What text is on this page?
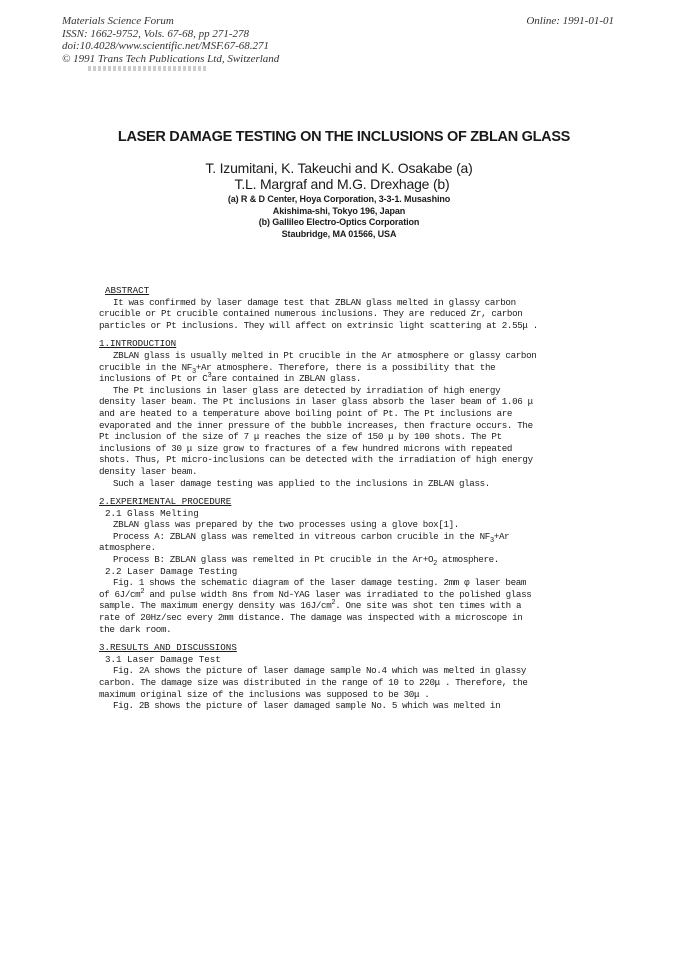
Materials Science Forum
ISSN: 1662-9752, Vols. 67-68, pp 271-278
doi:10.4028/www.scientific.net/MSF.67-68.271
© 1991 Trans Tech Publications Ltd, Switzerland
Online: 1991-01-01
LASER DAMAGE TESTING ON THE INCLUSIONS OF ZBLAN GLASS
T. Izumitani, K. Takeuchi and K. Osakabe (a)
T.L. Margraf and M.G. Drexhage (b)
(a) R & D Center, Hoya Corporation, 3-3-1. Musashino
Akishima-shi, Tokyo 196, Japan
(b) Gallileo Electro-Optics Corporation
Staubridge, MA 01566, USA
ABSTRACT
It was confirmed by laser damage test that ZBLAN glass melted in glassy carbon crucible or Pt crucible contained numerous inclusions. They are reduced Zr, carbon particles or Pt inclusions. They will affect on extrinsic light scattering at 2.55μ .
1.INTRODUCTION
ZBLAN glass is usually melted in Pt crucible in the Ar atmosphere or glassy carbon crucible in the $NF_3+Ar$ atmosphere. Therefore, there is a possibility that the inclusions of Pt or $C^3are$ contained in ZBLAN glass.
The Pt inclusions in laser glass are detected by irradiation of high energy density laser beam. The Pt inclusions in laser glass absorb the laser beam of 1.06 μ and are heated to a temperature above boiling point of Pt. The Pt inclusions are evaporated and the inner pressure of the bubble increases, then fracture occurs. The Pt inclusion of the size of 7 μ reaches the size of 150 μ by 100 shots. The Pt inclusions of 30 μ size grow to fractures of a few hundred microns with repeated shots. Thus, Pt micro-inclusions can be detected with the irradiation of high energy density laser beam.
Such a laser damage testing was applied to the inclusions in ZBLAN glass.
2.EXPERIMENTAL PROCEDURE
2.1 Glass Melting
ZBLAN glass was prepared by the two processes using a glove box[1].
Process A: ZBLAN glass was remelted in vitreous carbon crucible in the $NF_3+Ar$ atmosphere.
Process B: ZBLAN glass was remelted in Pt crucible in the $Ar+O_2$ atmosphere.
2.2 Laser Damage Testing
Fig. 1 shows the schematic diagram of the laser damage testing. 2mm φ laser beam of $6J/cm^2$ and pulse width 8ns from Nd-YAG laser was irradiated to the polished glass sample. The maximum energy density was $16J/cm^2$. One site was shot ten times with a rate of 20Hz/sec every 2mm distance. The damage was inspected with a microscope in the dark room.
3.RESULTS AND DISCUSSIONS
3.1 Laser Damage Test
Fig. 2A shows the picture of laser damage sample No.4 which was melted in glassy carbon. The damage size was distributed in the range of 10 to 220μ . Therefore, the maximum original size of the inclusions was supposed to be 30μ .
Fig. 2B shows the picture of laser damaged sample No. 5 which was melted in
